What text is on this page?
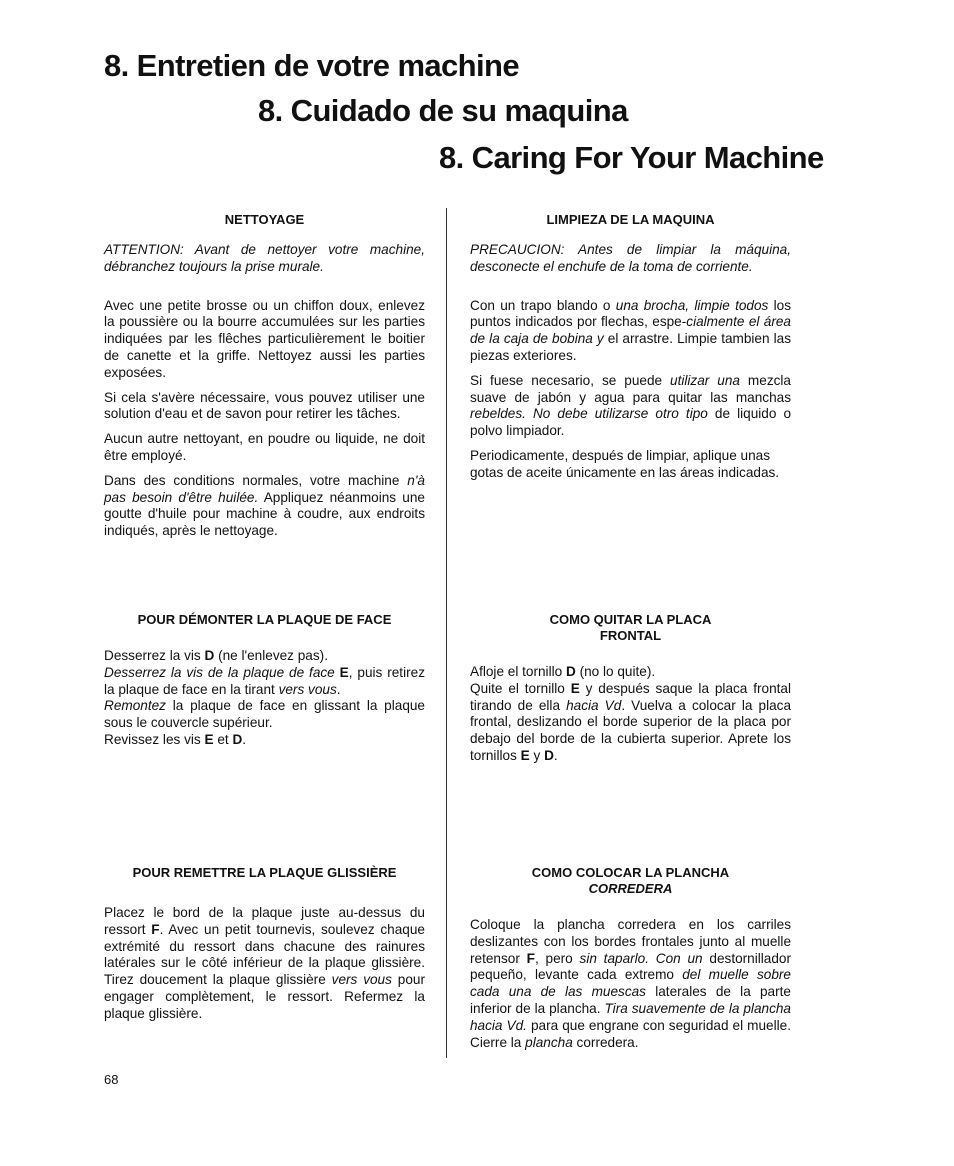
8. Entretien de votre machine
8. Cuidado de su maquina
8. Caring For Your Machine
NETTOYAGE

ATTENTION: Avant de nettoyer votre machine, débranchez toujours la prise murale.

Avec une petite brosse ou un chiffon doux, enlevez la poussière ou la bourre accumulées sur les parties indiquées par les flêches particulièrement le boitier de canette et la griffe. Nettoyez aussi les parties exposées.

Si cela s'avère nécessaire, vous pouvez utiliser une solution d'eau et de savon pour retirer les tâches.

Aucun autre nettoyant, en poudre ou liquide, ne doit être employé.

Dans des conditions normales, votre machine n'à pas besoin d'être huilée. Appliquez néanmoins une goutte d'huile pour machine à coudre, aux endroits indiqués, après le nettoyage.

POUR DÉMONTER LA PLAQUE DE FACE
Desserrez la vis D (ne l'enlevez pas).
Desserrez la vis de la plaque de face E, puis retirez la plaque de face en la tirant vers vous.
Remontez la plaque de face en glissant la plaque sous le couvercle supérieur.
Revissez les vis E et D.
POUR REMETTRE LA PLAQUE GLISSIÈRE

Placez le bord de la plaque juste au-dessus du ressort F. Avec un petit tournevis, soulevez chaque extrémité du ressort dans chacune des rainures latérales sur le côté inférieur de la plaque glissière. Tirez doucement la plaque glissière vers vous pour engager complètement, le ressort. Refermez la plaque glissière.

LIMPIEZA DE LA MAQUINA

PRECAUCION: Antes de limpiar la máquina, desconecte el enchufe de la toma de corriente.

Con un trapo blando o una brocha, limpie todos los puntos indicados por flechas, espe-cialmente el área de la caja de bobina y el arrastre. Limpie tambien las piezas exteriores.

Si fuese necesario, se puede utilizar una mezcla suave de jabón y agua para quitar las manchas rebeldes. No debe utilizarse otro tipo de liquido o polvo limpiador.

Periodicamente, después de limpiar, aplique unas gotas de aceite únicamente en las áreas indicadas.

COMO QUITAR LA PLACA
FRONTAL
Afloje el tornillo D (no lo quite).
Quite el tornillo E y después saque la placa frontal tirando de ella hacia Vd. Vuelva a colocar la placa frontal, deslizando el borde superior de la placa por debajo del borde de la cubierta superior. Aprete los tornillos E y D.
COMO COLOCAR LA PLANCHA
CORREDERA

Coloque la plancha corredera en los carriles deslizantes con los bordes frontales junto al muelle retensor F, pero sin taparlo. Con un destornillador pequeño, levante cada extremo del muelle sobre cada una de las muescas laterales de la parte inferior de la plancha. Tira suavemente de la plancha hacia Vd. para que engrane con seguridad el muelle. Cierre la plancha corredera.

68
